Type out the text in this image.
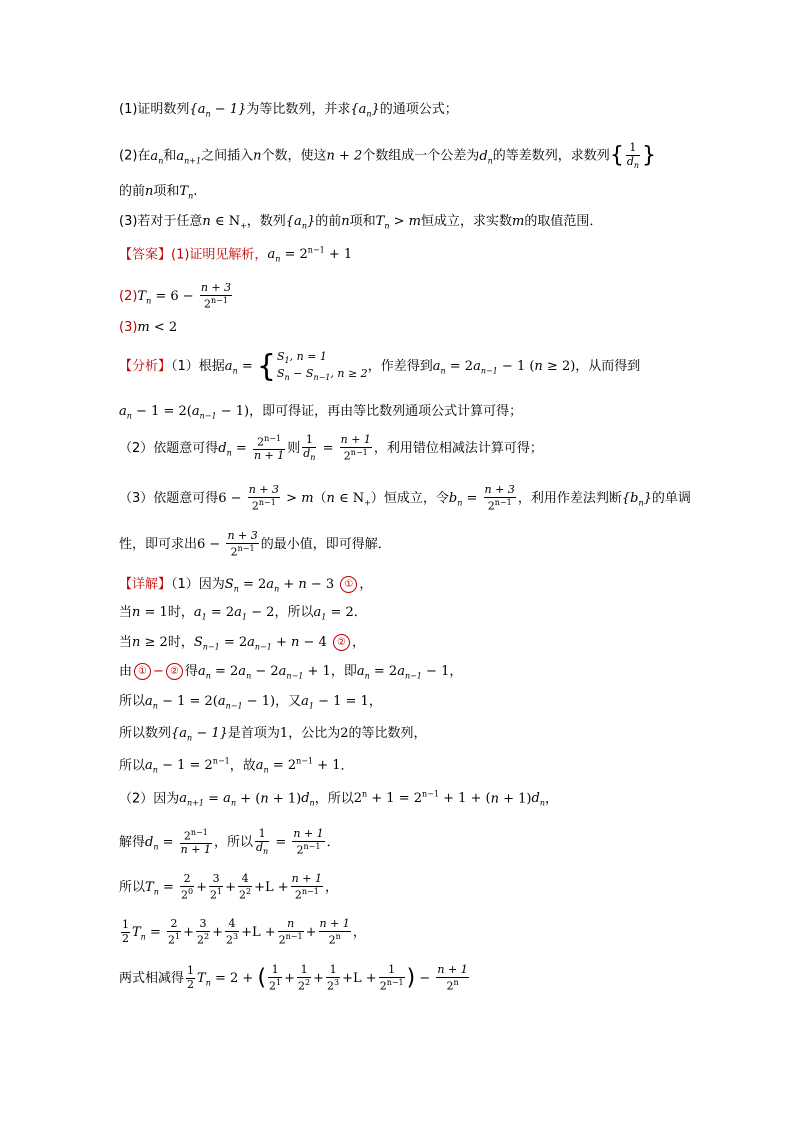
(1)证明数列$\{a_n - 1\}$为等比数列，并求$\{a_n\}$的通项公式；
(2)在$a_n$和$a_{n+1}$之间插入n个数，使这n + 2个数组成一个公差为$d_n$的等差数列，求数列{ $\frac{1}{d_n}$ }
的前n项和$T_n$.
(3)若对于任意n ∈ $N_+$，数列$\{a_n\}$的前n项和$T_n > m$恒成立，求实数m的取值范围．
【答案】(1)证明见解析，$a_n = 2^{n-1} + 1$
$(2)T_n = 6 - \frac{n + 3}{2^{n-1}}$
(3)m < 2
【分析】（1）根据$a_n$ = { $S_1$, n = 1
$S_n - S_{n-1}$, n ≥ 2 ，作差得到$a_n = 2a_{n-1} - 1$ (n ≥ 2)，从而得到
$a_n - 1 = 2(a_{n-1} - 1)$，即可得证，再由等比数列通项公式计算可得；
（2）依题意可得$d_n = \frac{2^{n-1}}{n + 1}$ 则 $\frac{1}{d_n} = \frac{n + 1}{2^{n-1}}$ ，利用错位相减法计算可得；
（3）依题意可得$6 - \frac{n + 3}{2^{n-1}} > m(n$ ∈ $N_+$）恒成立，令$b_n = \frac{n + 3}{2^{n-1}}$ ，利用作差法判断$\{b_n\}$的单调
性，即可求出$6 - \frac{n + 3}{2^{n-1}}$ 的最小值，即可得解．
【详解】（1）因为$S_n = 2a_n + n - 3$ ① ，
当n = 1时，$a_1 = 2a_1 - 2$，所以$a_1 = 2$．
当n ≥ 2时，$S_{n-1} = 2a_{n-1} + n - 4$ ② ，
由 ① − ② 得$a_n = 2a_n - 2a_{n-1} + 1$，即$a_n = 2a_{n-1} - 1$，
所以$a_n - 1 = 2(a_{n-1} - 1)$，又$a_1 - 1 = 1$，
所以数列$\{a_n - 1\}$是首项为1，公比为2的等比数列，
所以$a_n - 1 = 2^{n-1}$，故$a_n = 2^{n-1} + 1$．
（2）因为$a_{n+1} = a_n + (n + 1)d_n$，所以$2^n + 1 = 2^{n-1} + 1 + (n + 1)d_n$，
解得$d_n = \frac{2^{n-1}}{n + 1}$ ，所以 $\frac{1}{d_n} = \frac{n + 1}{2^{n-1}}$ ．
所以$T_n = \frac{2}{2^0} + \frac{3}{2^1} + \frac{4}{2^2} +L + \frac{n + 1}{2^{n-1}}$ ，
$\frac{1}{2} T_n = \frac{2}{2^1} + \frac{3}{2^2} + \frac{4}{2^3} +L + \frac{n}{2^{n-1}} + \frac{n + 1}{2^n}$ ，
两式相减得 $\frac{1}{2} T_n = 2$ + ( $\frac{1}{2^1} + \frac{1}{2^2} + \frac{1}{2^3} +L + \frac{1}{2^{n-1}}$ ) − $\frac{n + 1}{2^n}$
